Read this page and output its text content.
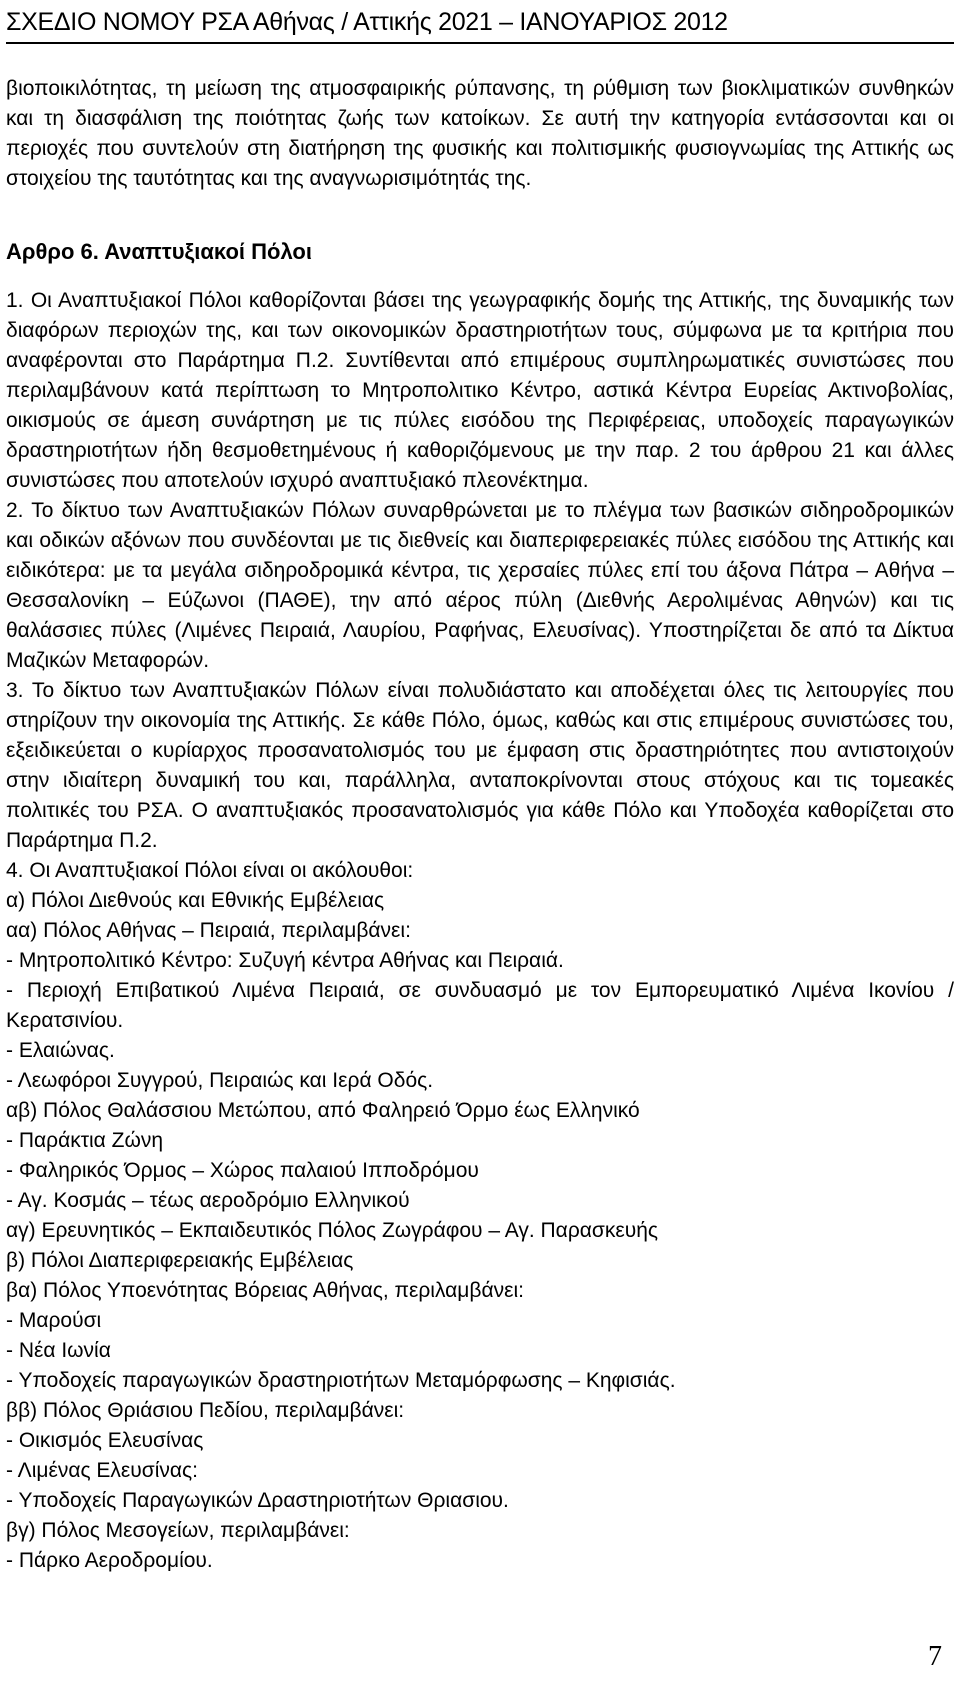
ΣΧΕΔΙΟ ΝΟΜΟΥ ΡΣΑ Αθήνας / Αττικής 2021 – ΙΑΝΟΥΑΡΙΟΣ 2012

βιοποικιλότητας, τη μείωση της ατμοσφαιρικής ρύπανσης, τη ρύθμιση των βιοκλιματικών συνθηκών και τη διασφάλιση της ποιότητας ζωής των κατοίκων. Σε αυτή την κατηγορία εντάσσονται και οι περιοχές που συντελούν στη διατήρηση της φυσικής και πολιτισμικής φυσιογνωμίας της Αττικής ως στοιχείου της ταυτότητας και της αναγνωρισιμότητάς της.

Αρθρο 6. Αναπτυξιακοί Πόλοι

1. Οι Αναπτυξιακοί Πόλοι καθορίζονται βάσει της γεωγραφικής δομής της Αττικής, της δυναμικής των διαφόρων περιοχών της, και των οικονομικών δραστηριοτήτων τους, σύμφωνα με τα κριτήρια που αναφέρονται στο Παράρτημα Π.2. Συντίθενται από επιμέρους συμπληρωματικές συνιστώσες που περιλαμβάνουν κατά περίπτωση το Μητροπολιτικο Κέντρο, αστικά Κέντρα Ευρείας Ακτινοβολίας, οικισμούς σε άμεση συνάρτηση με τις πύλες εισόδου της Περιφέρειας, υποδοχείς παραγωγικών δραστηριοτήτων ήδη θεσμοθετημένους ή καθοριζόμενους με την παρ. 2 του άρθρου 21 και άλλες συνιστώσες που αποτελούν ισχυρό αναπτυξιακό πλεονέκτημα.

2. Το δίκτυο των Αναπτυξιακών Πόλων συναρθρώνεται με το πλέγμα των βασικών σιδηροδρομικών και οδικών αξόνων που συνδέονται με τις διεθνείς και διαπεριφερειακές πύλες εισόδου της Αττικής και ειδικότερα: με τα μεγάλα σιδηροδρομικά κέντρα, τις χερσαίες πύλες επί του άξονα Πάτρα – Αθήνα – Θεσσαλονίκη – Εύζωνοι (ΠΑΘΕ), την από αέρος πύλη (Διεθνής Αερολιμένας Αθηνών) και τις θαλάσσιες πύλες (Λιμένες Πειραιά, Λαυρίου, Ραφήνας, Ελευσίνας). Υποστηρίζεται δε από τα Δίκτυα Μαζικών Μεταφορών.

3. Το δίκτυο των Αναπτυξιακών Πόλων είναι πολυδιάστατο και αποδέχεται όλες τις λειτουργίες που στηρίζουν την οικονομία της Αττικής. Σε κάθε Πόλο, όμως, καθώς και στις επιμέρους συνιστώσες του, εξειδικεύεται ο κυρίαρχος προσανατολισμός του με έμφαση στις δραστηριότητες που αντιστοιχούν στην ιδιαίτερη δυναμική του και, παράλληλα, ανταποκρίνονται στους στόχους και τις τομεακές πολιτικές του ΡΣΑ. Ο αναπτυξιακός προσανατολισμός για κάθε Πόλο και Υποδοχέα καθορίζεται στο Παράρτημα Π.2.

4. Οι Αναπτυξιακοί Πόλοι είναι οι ακόλουθοι:

α) Πόλοι Διεθνούς και Εθνικής Εμβέλειας

αα) Πόλος Αθήνας – Πειραιά, περιλαμβάνει:

- Μητροπολιτικό Κέντρο: Συζυγή κέντρα Αθήνας και Πειραιά.

- Περιοχή Επιβατικού Λιμένα Πειραιά, σε συνδυασμό με τον Εμπορευματικό Λιμένα Ικονίου / Κερατσινίου.

- Ελαιώνας.

- Λεωφόροι Συγγρού, Πειραιώς και Ιερά Οδός.

αβ) Πόλος Θαλάσσιου Μετώπου, από Φαληρειό Όρμο έως Ελληνικό

- Παράκτια Ζώνη

- Φαληρικός Όρμος – Χώρος παλαιού Ιπποδρόμου

- Αγ. Κοσμάς – τέως αεροδρόμιο Ελληνικού

αγ) Ερευνητικός – Εκπαιδευτικός Πόλος Ζωγράφου – Αγ. Παρασκευής

β) Πόλοι Διαπεριφερειακής Εμβέλειας

βα) Πόλος Υποενότητας Βόρειας Αθήνας, περιλαμβάνει:

- Μαρούσι

- Νέα Ιωνία

- Υποδοχείς παραγωγικών δραστηριοτήτων Μεταμόρφωσης – Κηφισιάς.

ββ) Πόλος Θριάσιου Πεδίου, περιλαμβάνει:

- Οικισμός Ελευσίνας

- Λιμένας Ελευσίνας:

- Υποδοχείς Παραγωγικών Δραστηριοτήτων Θριασιου.

βγ) Πόλος Μεσογείων, περιλαμβάνει:

- Πάρκο Αεροδρομίου.

7
